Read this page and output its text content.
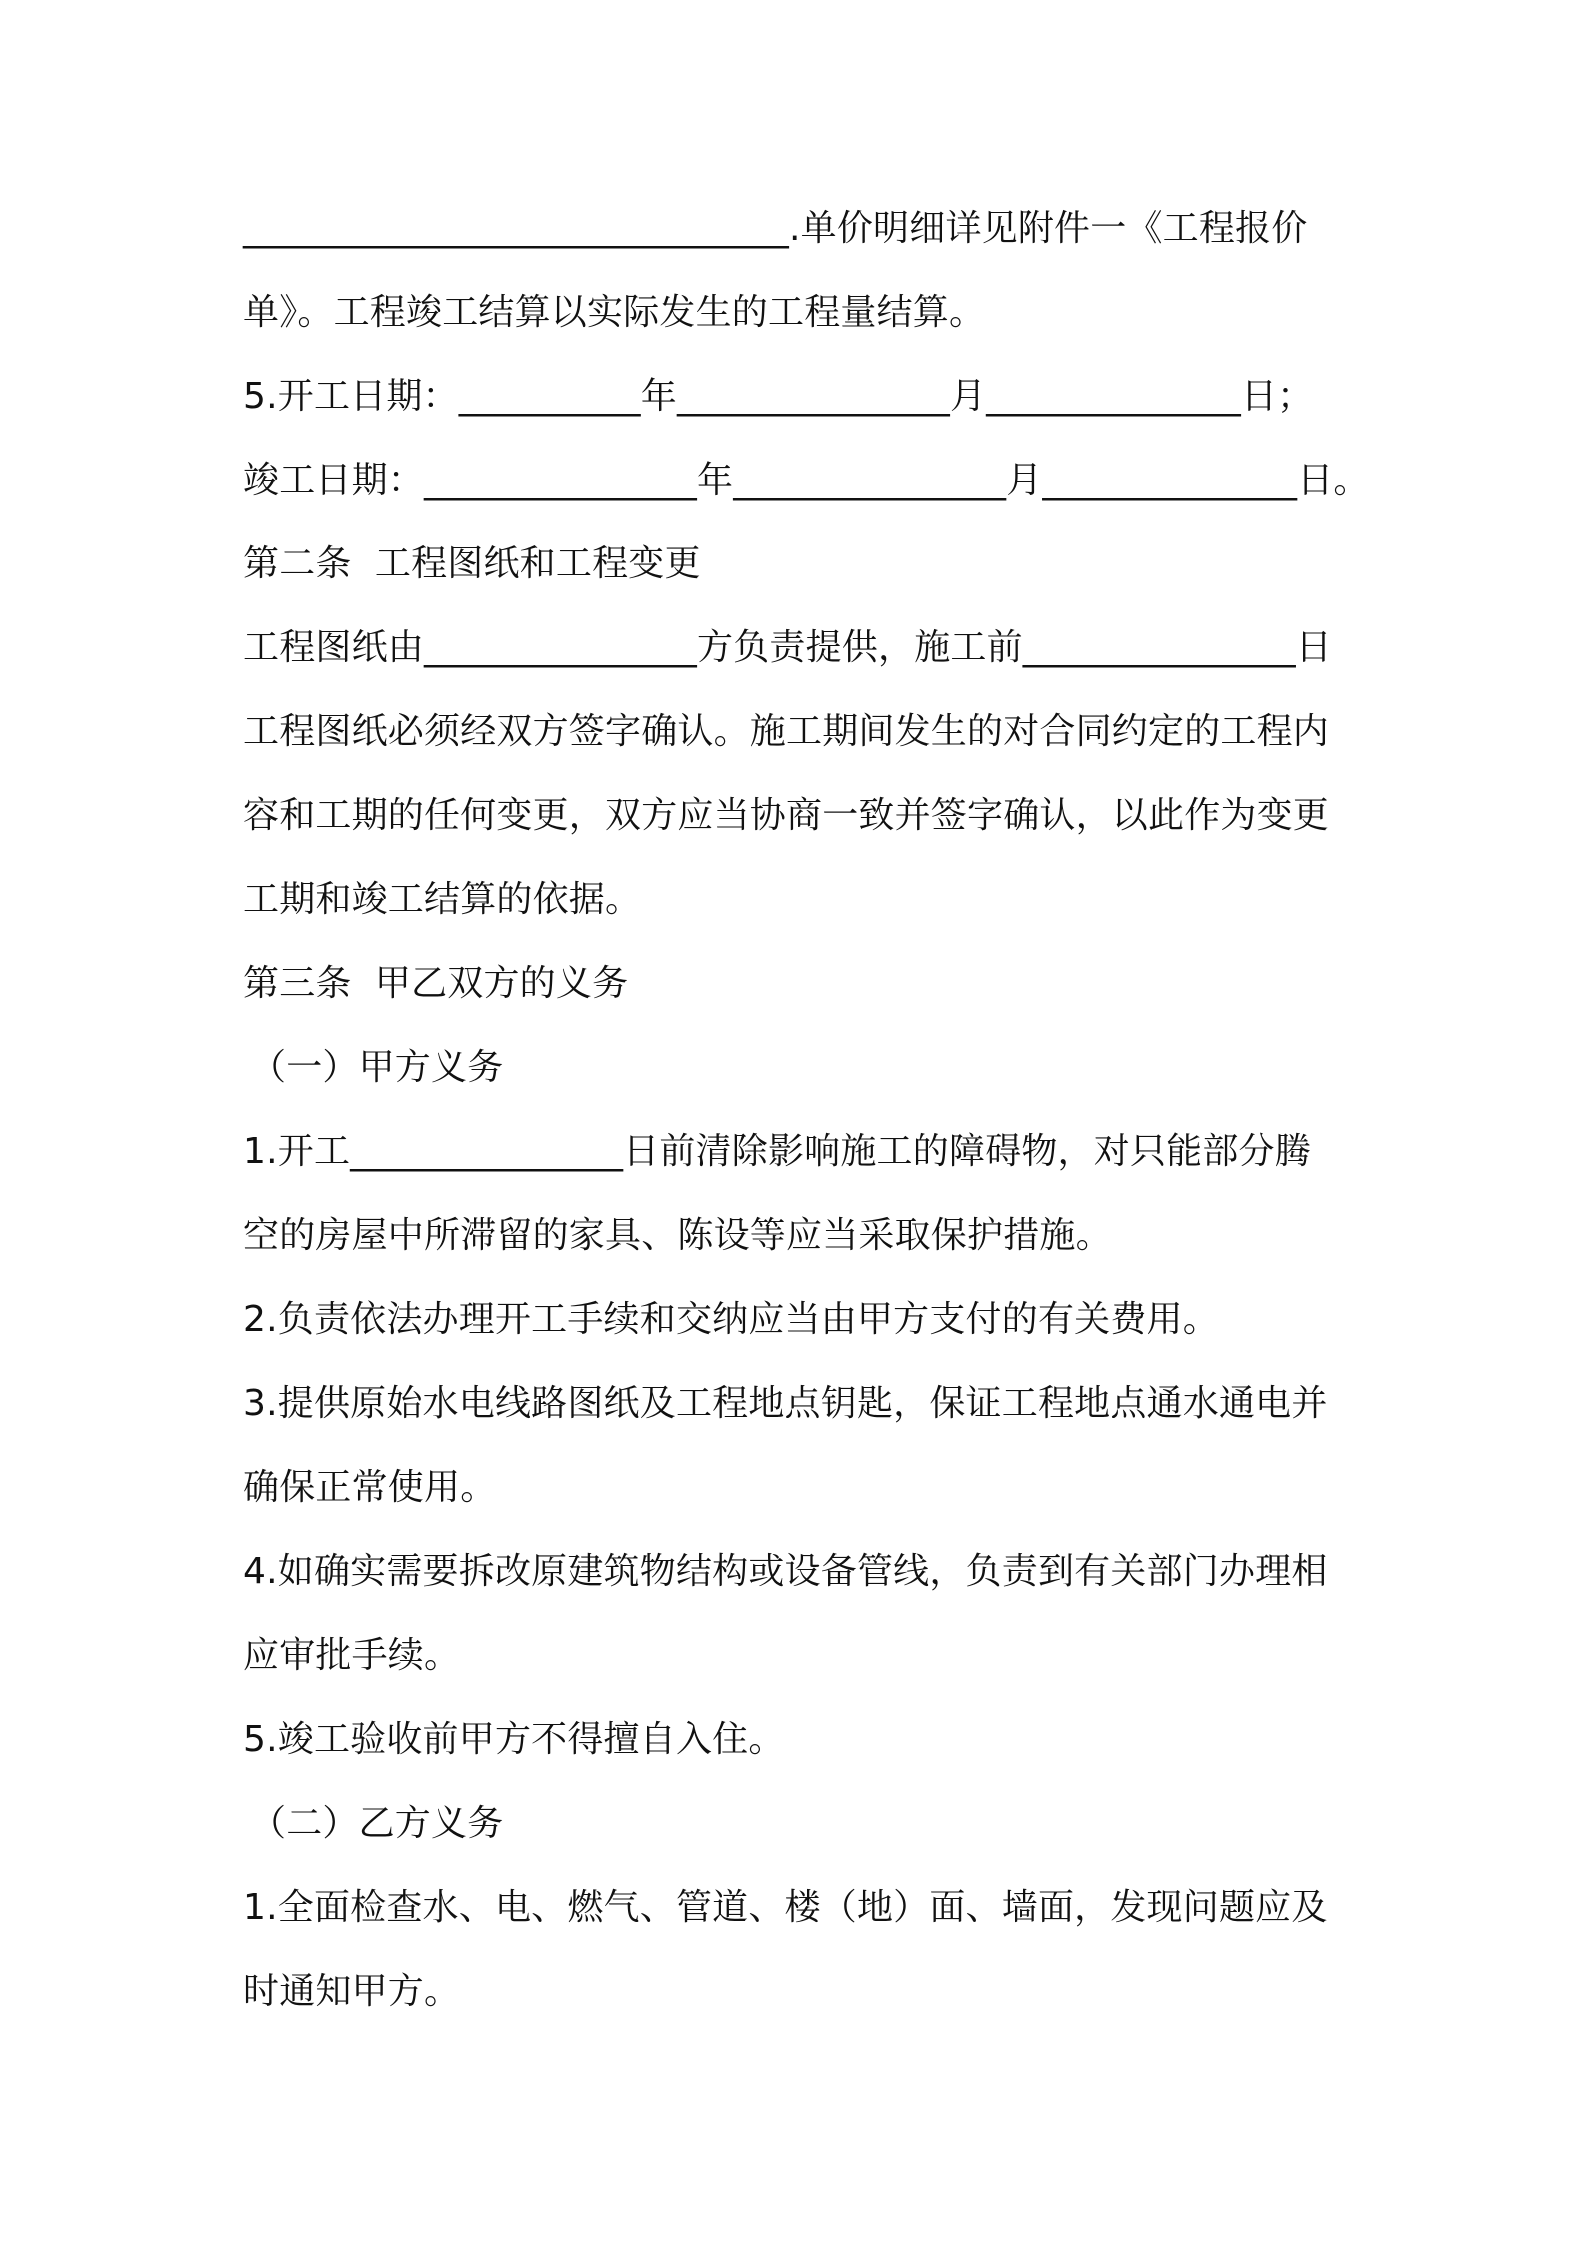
______________________________.单价明细详见附件一《工程报价
单》。工程竣工结算以实际发生的工程量结算。
5.开工日期：__________年_______________月______________日；
竣工日期：_______________年_______________月______________日。
第二条  工程图纸和工程变更
工程图纸由_______________方负责提供，施工前_______________日
工程图纸必须经双方签字确认。施工期间发生的对合同约定的工程内
容和工期的任何变更，双方应当协商一致并签字确认，以此作为变更
工期和竣工结算的依据。
第三条  甲乙双方的义务
（一）甲方义务
1.开工_______________日前清除影响施工的障碍物，对只能部分腾
空的房屋中所滞留的家具、陈设等应当采取保护措施。
2.负责依法办理开工手续和交纳应当由甲方支付的有关费用。
3.提供原始水电线路图纸及工程地点钥匙，保证工程地点通水通电并
确保正常使用。
4.如确实需要拆改原建筑物结构或设备管线，负责到有关部门办理相
应审批手续。
5.竣工验收前甲方不得擅自入住。
（二）乙方义务
1.全面检查水、电、燃气、管道、楼（地）面、墙面，发现问题应及
时通知甲方。
